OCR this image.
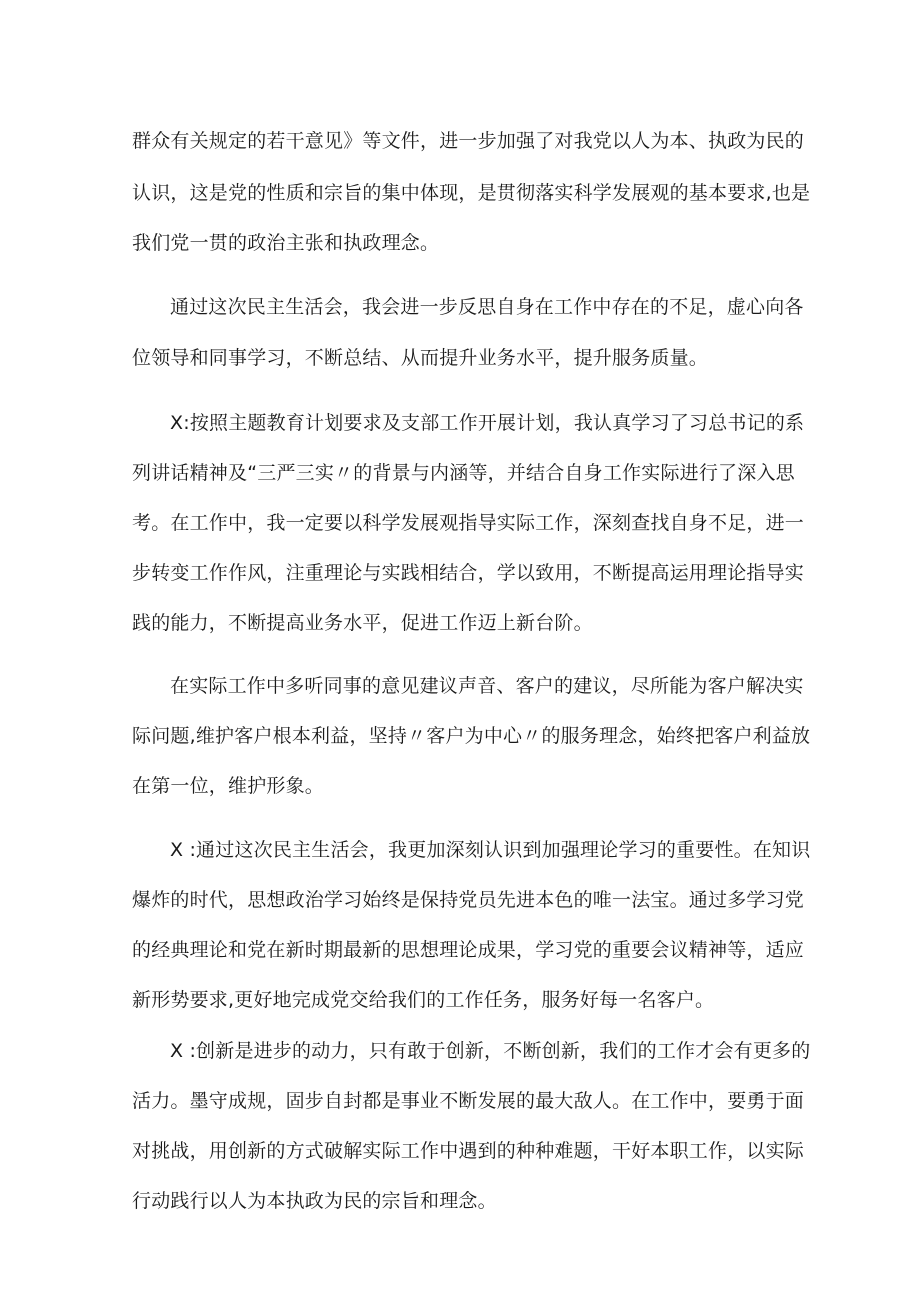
群众有关规定的若干意见》等文件，进一步加强了对我党以人为本、执政为民的
认识，这是党的性质和宗旨的集中体现，是贯彻落实科学发展观的基本要求,也是
我们党一贯的政治主张和执政理念。
通过这次民主生活会，我会进一步反思自身在工作中存在的不足，虚心向各
位领导和同事学习，不断总结、从而提升业务水平，提升服务质量。
X:按照主题教育计划要求及支部工作开展计划，我认真学习了习总书记的系
列讲话精神及“三严三实〃的背景与内涵等，并结合自身工作实际进行了深入思
考。在工作中，我一定要以科学发展观指导实际工作，深刻查找自身不足，进一
步转变工作作风，注重理论与实践相结合，学以致用，不断提高运用理论指导实
践的能力，不断提高业务水平，促进工作迈上新台阶。
在实际工作中多听同事的意见建议声音、客户的建议，尽所能为客户解决实
际问题,维护客户根本利益，坚持〃客户为中心〃的服务理念，始终把客户利益放
在第一位，维护形象。
X :通过这次民主生活会，我更加深刻认识到加强理论学习的重要性。在知识
爆炸的时代，思想政治学习始终是保持党员先进本色的唯一法宝。通过多学习党
的经典理论和党在新时期最新的思想理论成果，学习党的重要会议精神等，适应
新形势要求,更好地完成党交给我们的工作任务，服务好每一名客户。
X :创新是进步的动力，只有敢于创新，不断创新，我们的工作才会有更多的
活力。墨守成规，固步自封都是事业不断发展的最大敌人。在工作中，要勇于面
对挑战，用创新的方式破解实际工作中遇到的种种难题，干好本职工作，以实际
行动践行以人为本执政为民的宗旨和理念。
